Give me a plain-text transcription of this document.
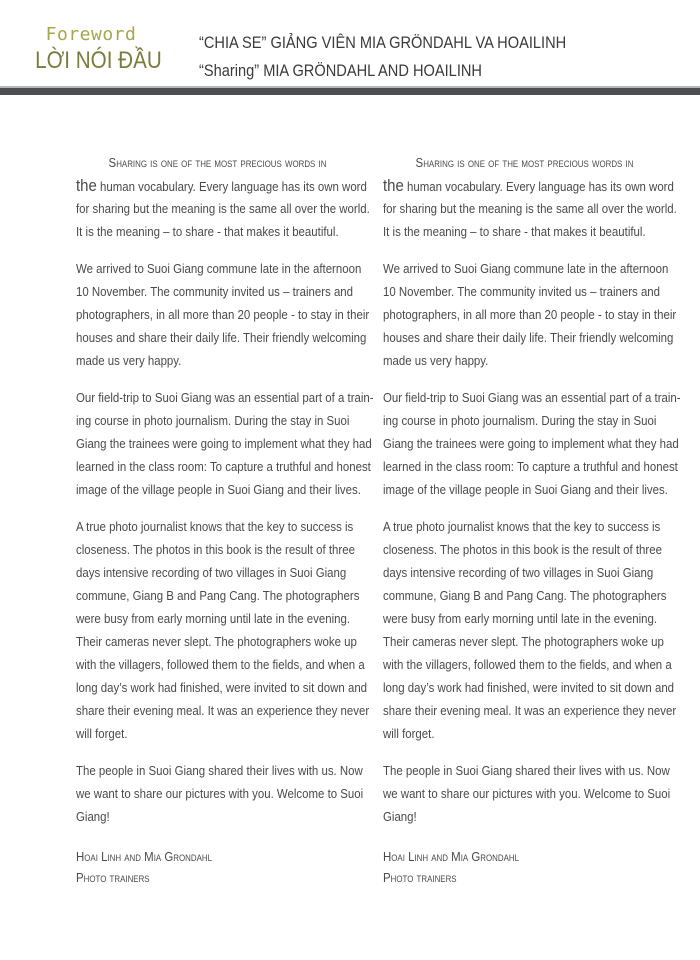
Foreword
LỜI NÓI ĐẦU
“CHIA SE” GIẢNG VIÊN MIA GRÖNDAHL VA HOAILINH
“Sharing” MIA GRÖNDAHL AND HOAILINH
Sharing is one of the most precious words in
the human vocabulary. Every language has its own word
for sharing but the meaning is the same all over the world.
It is the meaning – to share - that makes it beautiful.
We arrived to Suoi Giang commune late in the afternoon
10 November. The community invited us – trainers and
photographers, in all more than 20 people - to stay in their
houses and share their daily life. Their friendly welcoming
made us very happy.
Our field-trip to Suoi Giang was an essential part of a train-
ing course in photo journalism. During the stay in Suoi
Giang the trainees were going to implement what they had
learned in the class room: To capture a truthful and honest
image of the village people in Suoi Giang and their lives.
A true photo journalist knows that the key to success is
closeness. The photos in this book is the result of three
days intensive recording of two villages in Suoi Giang
commune, Giang B and Pang Cang. The photographers
were busy from early morning until late in the evening.
Their cameras never slept. The photographers woke up
with the villagers, followed them to the fields, and when a
long day’s work had finished, were invited to sit down and
share their evening meal. It was an experience they never
will forget.
The people in Suoi Giang shared their lives with us. Now
we want to share our pictures with you. Welcome to Suoi
Giang!
Hoai Linh and Mia Grondahl
Photo trainers
Sharing is one of the most precious words in
the human vocabulary. Every language has its own word
for sharing but the meaning is the same all over the world.
It is the meaning – to share - that makes it beautiful.
We arrived to Suoi Giang commune late in the afternoon
10 November. The community invited us – trainers and
photographers, in all more than 20 people - to stay in their
houses and share their daily life. Their friendly welcoming
made us very happy.
Our field-trip to Suoi Giang was an essential part of a train-
ing course in photo journalism. During the stay in Suoi
Giang the trainees were going to implement what they had
learned in the class room: To capture a truthful and honest
image of the village people in Suoi Giang and their lives.
A true photo journalist knows that the key to success is
closeness. The photos in this book is the result of three
days intensive recording of two villages in Suoi Giang
commune, Giang B and Pang Cang. The photographers
were busy from early morning until late in the evening.
Their cameras never slept. The photographers woke up
with the villagers, followed them to the fields, and when a
long day’s work had finished, were invited to sit down and
share their evening meal. It was an experience they never
will forget.
The people in Suoi Giang shared their lives with us. Now
we want to share our pictures with you. Welcome to Suoi
Giang!
Hoai Linh and Mia Grondahl
Photo trainers
